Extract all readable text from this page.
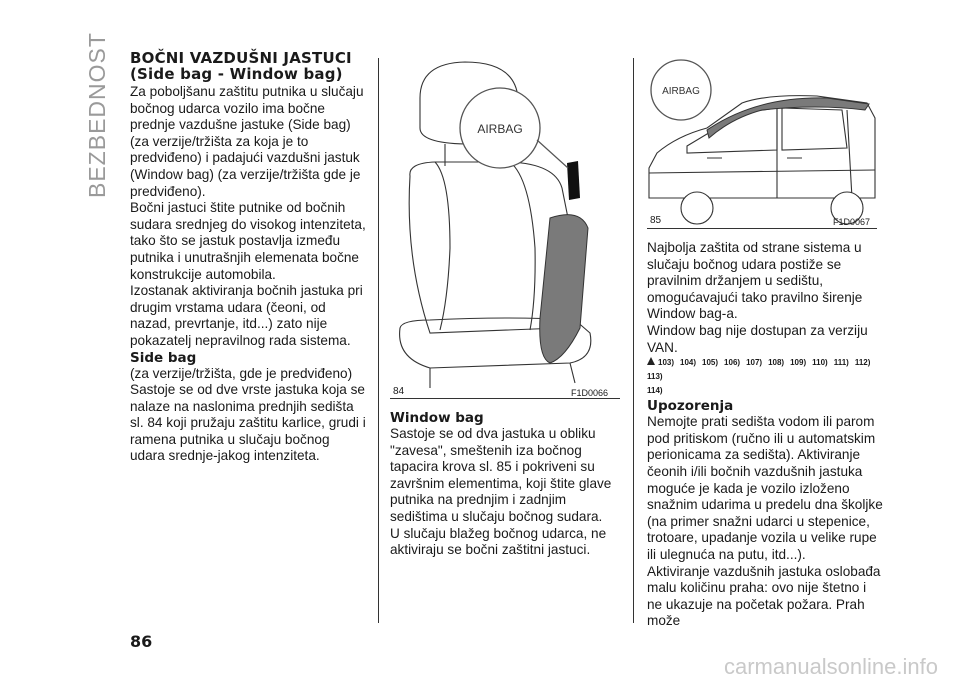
BEZBEDNOST BOČNI VAZDUŠNI JASTUCI (Side bag - Window bag)

Za poboljšanu zaštitu putnika u slučaju bočnog udarca vozilo ima bočne prednje vazdušne jastuke (Side bag) (za verzije/tržišta za koja je to predviđeno) i padajući vazdušni jastuk (Window bag) (za verzije/tržišta gde je predviđeno).

Bočni jastuci štite putnike od bočnih sudara srednjeg do visokog intenziteta, tako što se jastuk postavlja između putnika i unutrašnjih elemenata bočne konstrukcije automobila.

Izostanak aktiviranja bočnih jastuka pri drugim vrstama udara (čeoni, od nazad, prevrtanje, itd...) zato nije pokazatelj nepravilnog rada sistema.

Side bag

(za verzije/tržišta, gde je predviđeno)

Sastoje se od dve vrste jastuka koja se nalaze na naslonima prednjih sedišta sl. 84 koji pružaju zaštitu karlice, grudi i ramena putnika u slučaju bočnog udara srednje-jakog intenziteta.

AIRBAG
84	F1D0066
Window bag

Sastoje se od dva jastuka u obliku "zavesa", smeštenih iza bočnog tapacira krova sl. 85 i pokriveni su završnim elementima, koji štite glave putnika na prednjim i zadnjim sedištima u slučaju bočnog sudara.

U slučaju blažeg bočnog udarca, ne aktiviraju se bočni zaštitni jastuci.

AIRBAG
85	F1D0067

Najbolja zaštita od strane sistema u slučaju bočnog udara postiže se pravilnim držanjem u sedištu, omogućavajući tako pravilno širenje Window bag-a.

Window bag nije dostupan za verziju VAN.

103) 104) 105) 106) 107) 108) 109) 110) 111) 112)113)
114)
Upozorenja

Nemojte prati sedišta vodom ili parom pod pritiskom (ručno ili u automatskim perionicama za sedišta). Aktiviranje čeonih i/ili bočnih vazdušnih jastuka moguće je kada je vozilo izloženo snažnim udarima u predelu dna školjke (na primer snažni udarci u stepenice, trotoare, upadanje vozila u velike rupe ili ulegnuća na putu, itd...).

Aktiviranje vazdušnih jastuka oslobađa malu količinu praha: ovo nije štetno i ne ukazuje na početak požara. Prah može

86
carmanualsonline.info
